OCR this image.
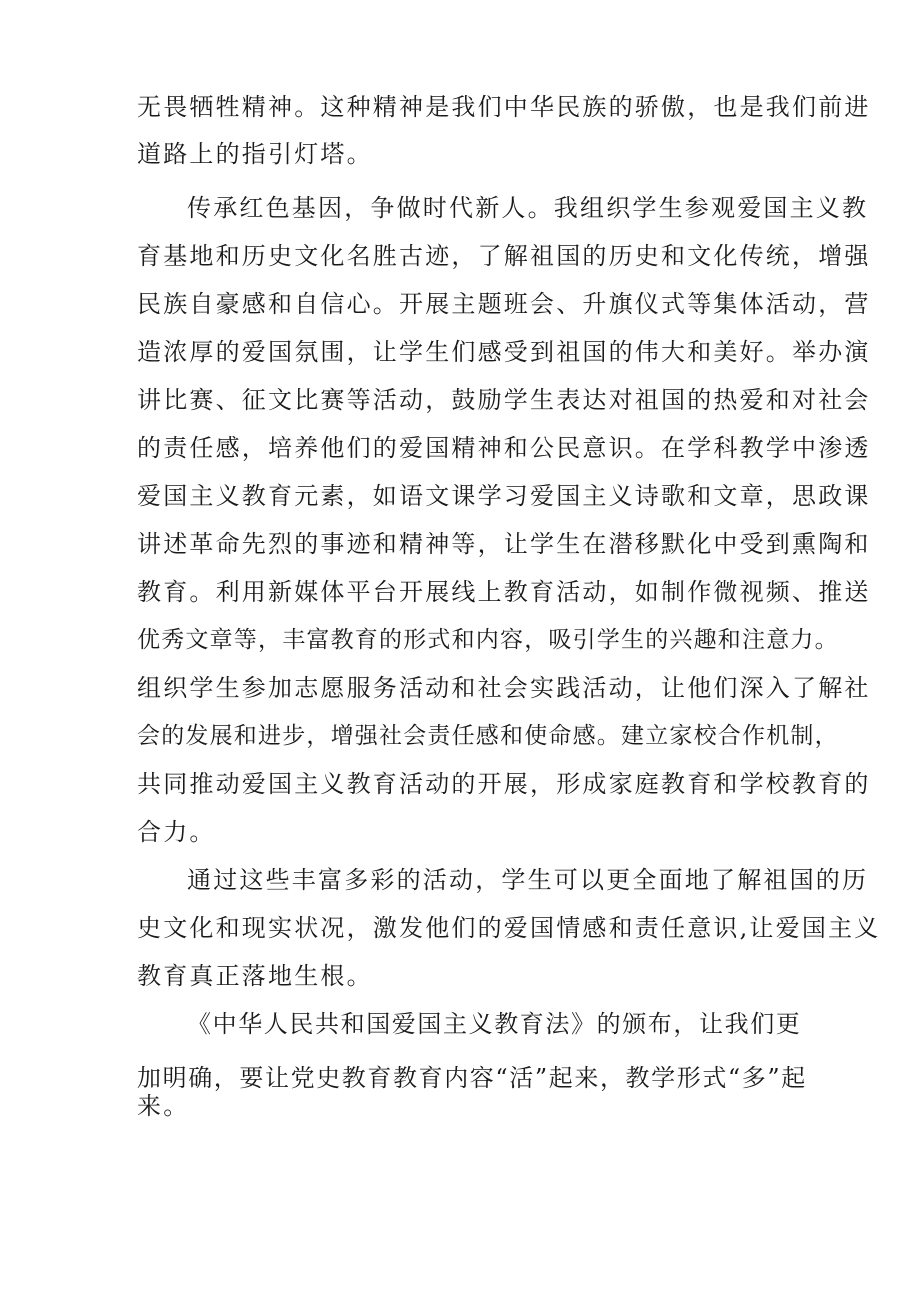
无畏牺牲精神。这种精神是我们中华民族的骄傲，也是我们前进
道路上的指引灯塔。
传承红色基因，争做时代新人。我组织学生参观爱国主义教
育基地和历史文化名胜古迹，了解祖国的历史和文化传统，增强
民族自豪感和自信心。开展主题班会、升旗仪式等集体活动，营
造浓厚的爱国氛围，让学生们感受到祖国的伟大和美好。举办演
讲比赛、征文比赛等活动，鼓励学生表达对祖国的热爱和对社会
的责任感，培养他们的爱国精神和公民意识。在学科教学中渗透
爱国主义教育元素，如语文课学习爱国主义诗歌和文章，思政课
讲述革命先烈的事迹和精神等，让学生在潜移默化中受到熏陶和
教育。利用新媒体平台开展线上教育活动，如制作微视频、推送
优秀文章等，丰富教育的形式和内容，吸引学生的兴趣和注意力。
组织学生参加志愿服务活动和社会实践活动，让他们深入了解社
会的发展和进步，增强社会责任感和使命感。建立家校合作机制，
共同推动爱国主义教育活动的开展，形成家庭教育和学校教育的
合力。
通过这些丰富多彩的活动，学生可以更全面地了解祖国的历
史文化和现实状况，激发他们的爱国情感和责任意识,让爱国主义
教育真正落地生根。
《中华人民共和国爱国主义教育法》的颁布，让我们更
加明确，要让党史教育教育内容“活”起来，教学形式“多”起
来。
